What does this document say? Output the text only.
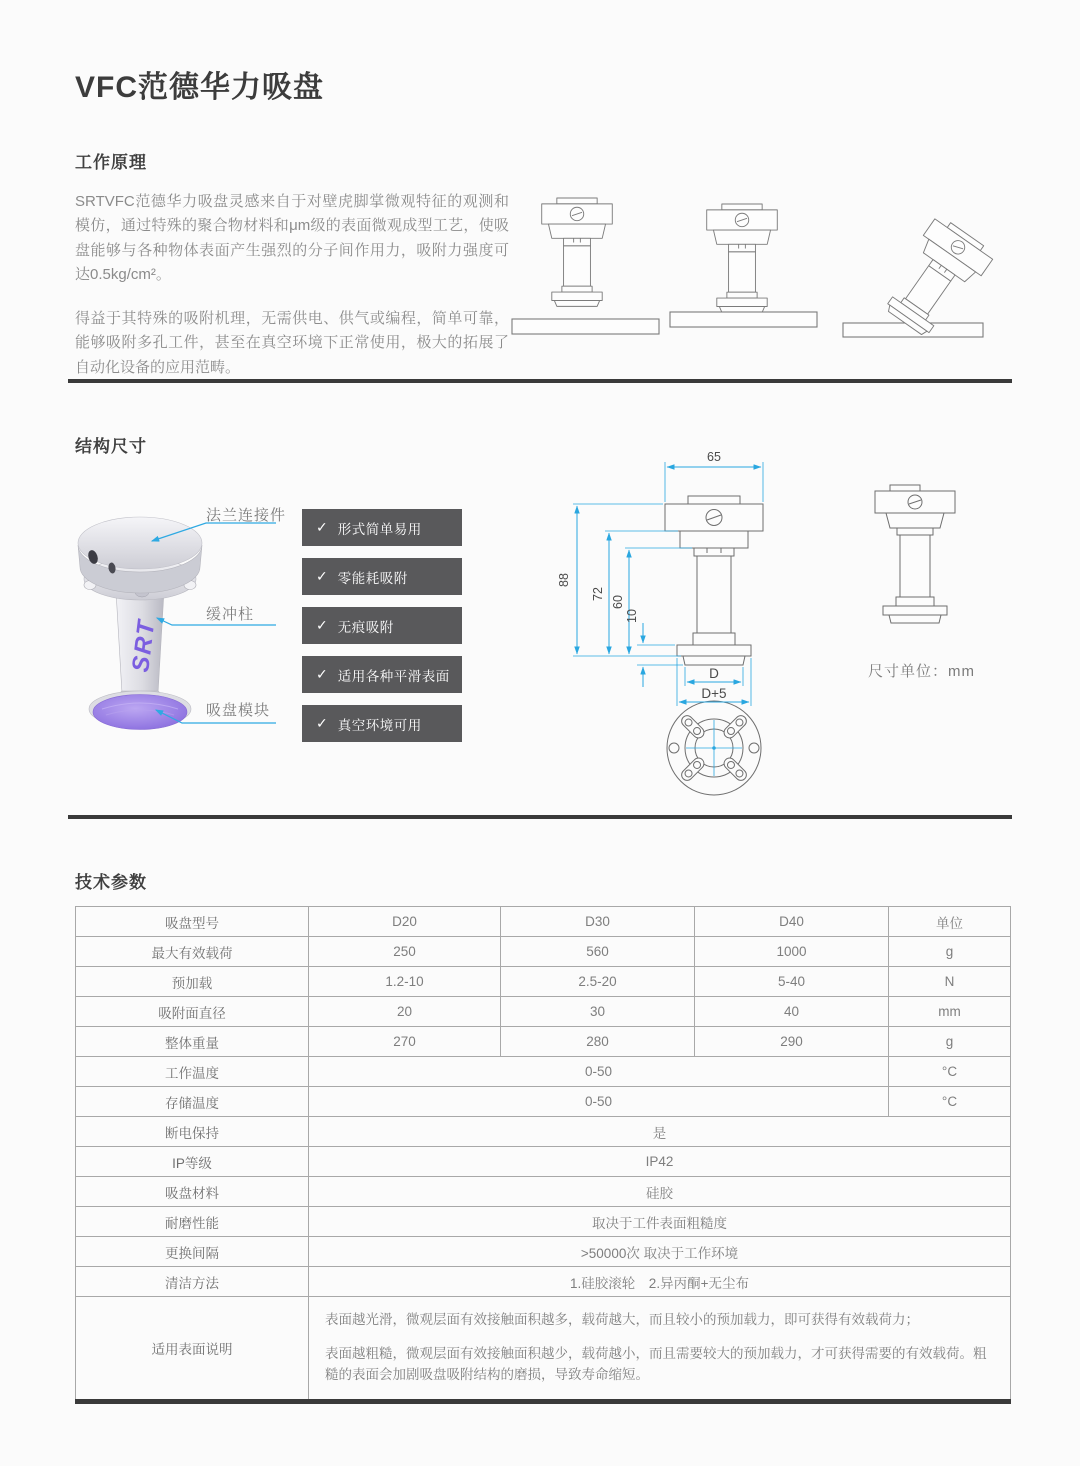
VFC范德华力吸盘
工作原理

SRTVFC范德华力吸盘灵感来自于对壁虎脚掌微观特征的观测和模仿，通过特殊的聚合物材料和μm级的表面微观成型工艺，使吸盘能够与各种物体表面产生强烈的分子间作用力，吸附力强度可达0.5kg/cm²。

得益于其特殊的吸附机理，无需供电、供气或编程，简单可靠，能够吸附多孔工件，甚至在真空环境下正常使用，极大的拓展了自动化设备的应用范畴。

结构尺寸
SRT
法兰连接件
缓冲柱
吸盘模块
✓ 形式简单易用
✓ 零能耗吸附
✓ 无痕吸附
✓ 适用各种平滑表面
✓ 真空环境可用
65
88
72
60
10
D
D+5
尺寸单位：mm
技术参数
吸盘型号	D20	D30	D40	单位
最大有效载荷	250	560	1000	g
预加载	1.2-10	2.5-20	5-40	N
吸附面直径	20	30	40	mm
整体重量	270	280	290	g
工作温度	0-50			°C
存储温度	0-50			°C
断电保持	是			
IP等级	IP42			
吸盘材料	硅胶			
耐磨性能	取决于工件表面粗糙度			
更换间隔	>50000次 取决于工作环境			
清洁方法	1.硅胶滚轮　2.异丙酮+无尘布			
适用表面说明	表面越光滑，微观层面有效接触面积越多，载荷越大，而且较小的预加载力，即可获得有效载荷力；

表面越粗糙，微观层面有效接触面积越少，载荷越小，而且需要较大的预加载力，才可获得需要的有效载荷。粗糙的表面会加剧吸盘吸附结构的磨损，导致寿命缩短。			
